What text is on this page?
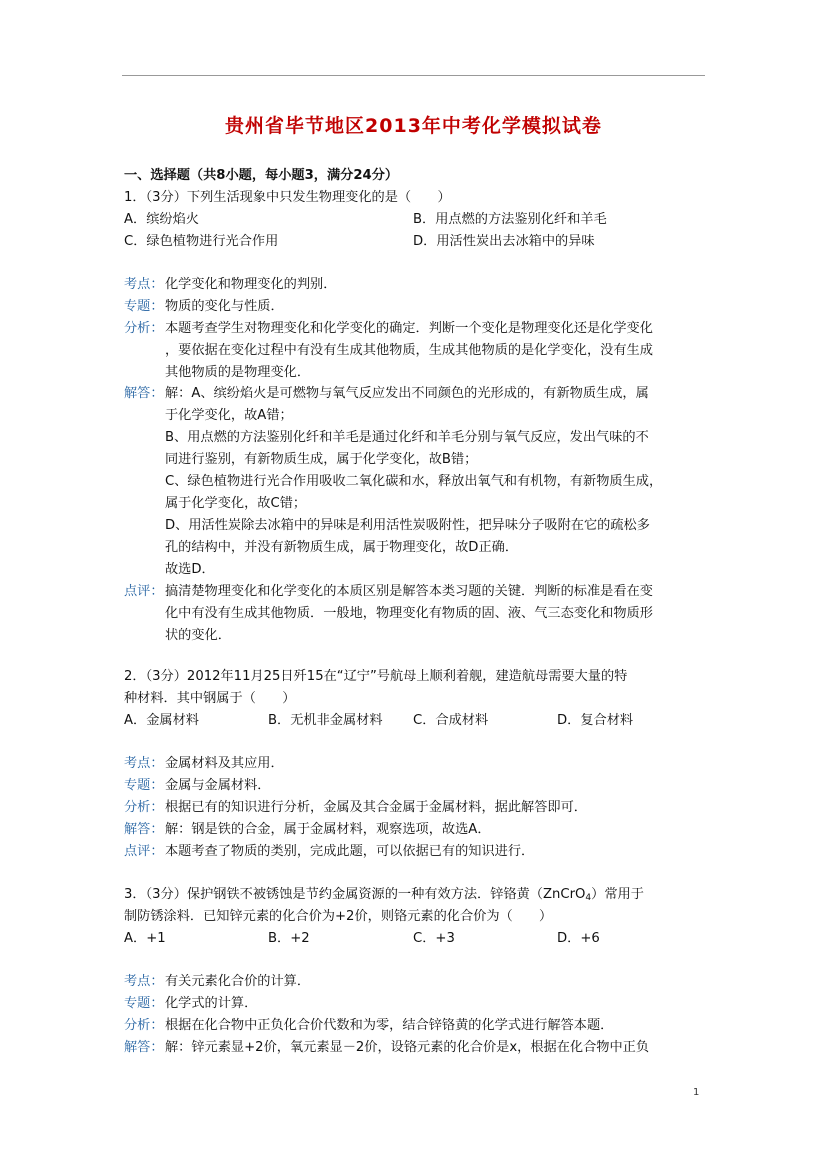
贵州省毕节地区2013年中考化学模拟试卷
一、选择题（共8小题，每小题3，满分24分）
1．（3分）下列生活现象中只发生物理变化的是（　　）
A．缤纷焰火	B．用点燃的方法鉴别化纤和羊毛
C．绿色植物进行光合作用	D．用活性炭出去冰箱中的异味
考点： 化学变化和物理变化的判别．
专题： 物质的变化与性质．
分析： 本题考查学生对物理变化和化学变化的确定．判断一个变化是物理变化还是化学变化
，要依据在变化过程中有没有生成其他物质，生成其他物质的是化学变化，没有生成
其他物质的是物理变化．
解答： 解：A、缤纷焰火是可燃物与氧气反应发出不同颜色的光形成的，有新物质生成，属
于化学变化，故A错；
B、用点燃的方法鉴别化纤和羊毛是通过化纤和羊毛分别与氧气反应，发出气味的不
同进行鉴别，有新物质生成，属于化学变化，故B错；
C、绿色植物进行光合作用吸收二氧化碳和水，释放出氧气和有机物，有新物质生成，
属于化学变化，故C错；
D、用活性炭除去冰箱中的异味是利用活性炭吸附性，把异味分子吸附在它的疏松多
孔的结构中，并没有新物质生成，属于物理变化，故D正确．
故选D．
点评： 搞清楚物理变化和化学变化的本质区别是解答本类习题的关键．判断的标准是看在变
化中有没有生成其他物质．一般地，物理变化有物质的固、液、气三态变化和物质形
状的变化．
2．（3分）2012年11月25日歼15在“辽宁”号航母上顺利着舰，建造航母需要大量的特
种材料．其中钢属于（　　）
A．金属材料	B．无机非金属材料 C．合成材料	D．复合材料
考点： 金属材料及其应用．
专题： 金属与金属材料．
分析： 根据已有的知识进行分析，金属及其合金属于金属材料，据此解答即可．
解答： 解：钢是铁的合金，属于金属材料，观察选项，故选A．
点评： 本题考查了物质的类别，完成此题，可以依据已有的知识进行．
3．（3分）保护钢铁不被锈蚀是节约金属资源的一种有效方法．锌铬黄（ZnCrO$_4$）常用于
制防锈涂料．已知锌元素的化合价为+2价，则铬元素的化合价为（　　）
A．+1	B．+2	C．+3	D．+6
考点： 有关元素化合价的计算．
专题： 化学式的计算．
分析： 根据在化合物中正负化合价代数和为零，结合锌铬黄的化学式进行解答本题．
解答： 解：锌元素显+2价，氧元素显－2价，设铬元素的化合价是x，根据在化合物中正负
1
